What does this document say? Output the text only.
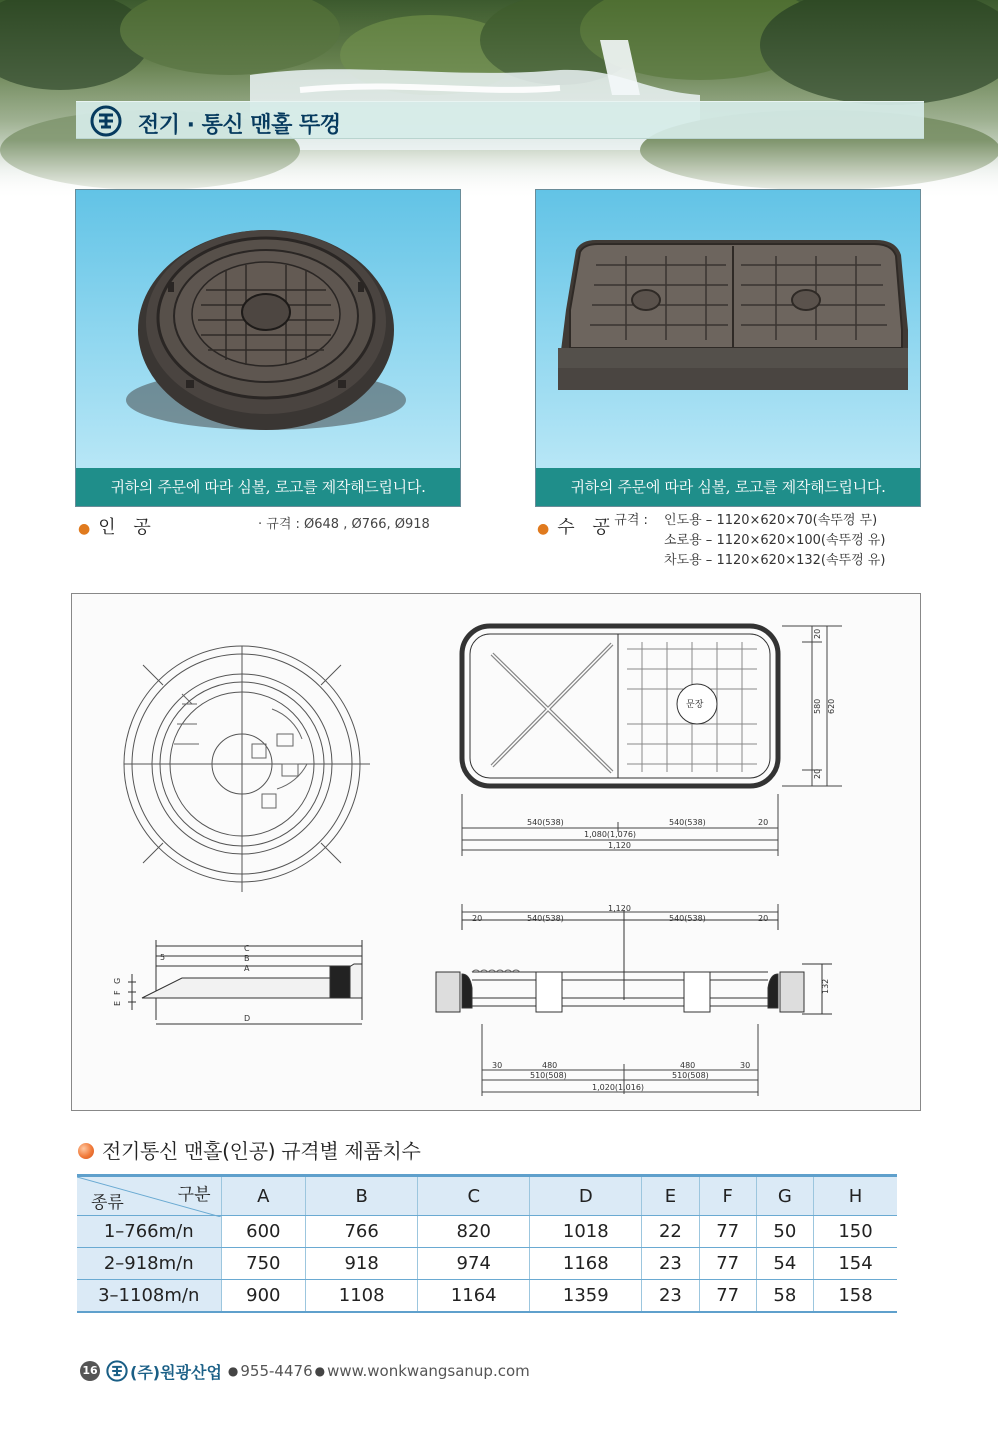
전기 · 통신 맨홀 뚜껑
귀하의 주문에 따라 심볼, 로고를 제작해드립니다.	귀하의 주문에 따라 심볼, 로고를 제작해드립니다.
● 인 공	· 규격 : Ø648 , Ø766, Ø918	● 수 공
· 규격 :	인도용 – 1120×620×70(속뚜껑 무)
소로용 – 1120×620×100(속뚜껑 유)
차도용 – 1120×620×132(속뚜껑 유)
문장
20
580 620
20
540(538)	540(538)	20
1,080(1,076)
1,120
132
1,120
20	540(538)	540(538)	20
30	480	480	30
510(508)	510(508)
1,020(1,016)
C
5	B
A
E
F
G
D
전기통신 맨홀(인공) 규격별 제품치수
구분
종류	A	B	C	D	E	F	G	H
1–766m/n	600	766	820	1018	22	77	50	150
2–918m/n	750	918	974	1168	23	77	54	154
3–1108m/n	900	1108	1164	1359	23	77	58	158
16 (주)원광산업 ● 955-4476 ● www.wonkwangsanup.com
